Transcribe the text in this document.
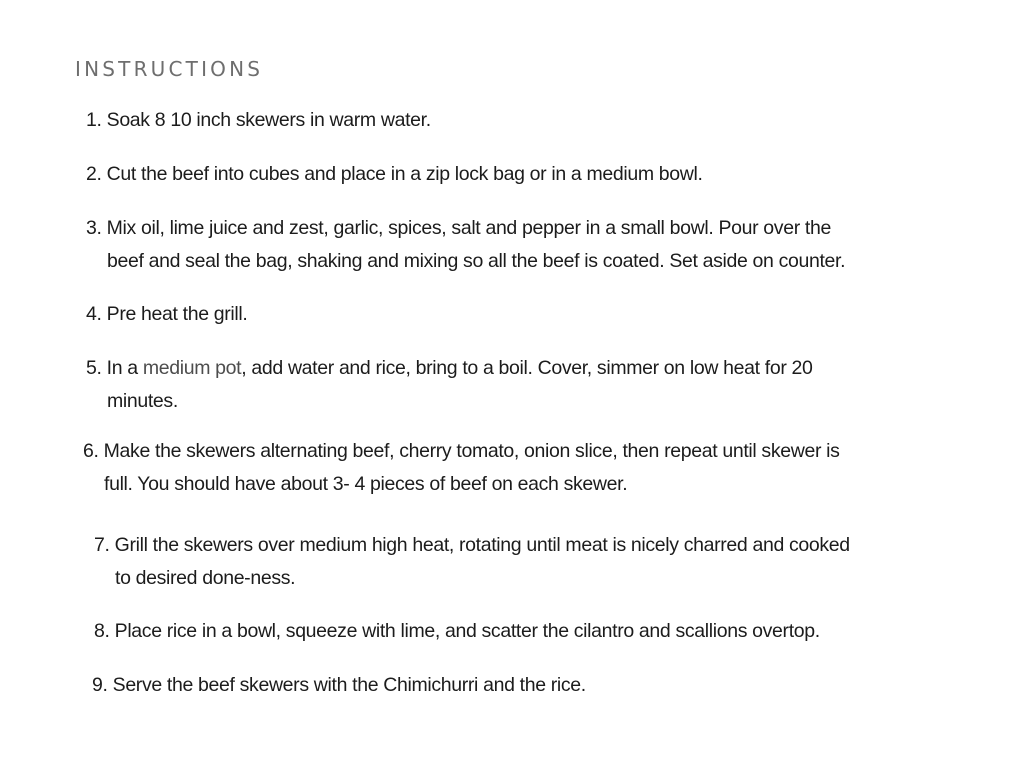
INSTRUCTIONS
1. Soak 8 10 inch skewers in warm water.
2. Cut the beef into cubes and place in a zip lock bag or in a medium bowl.
3. Mix oil, lime juice and zest, garlic, spices, salt and pepper in a small bowl. Pour over the
beef and seal the bag, shaking and mixing so all the beef is coated. Set aside on counter.
4. Pre heat the grill.
5. In a medium pot, add water and rice, bring to a boil. Cover, simmer on low heat for 20
minutes.
6. Make the skewers alternating beef, cherry tomato, onion slice, then repeat until skewer is
full. You should have about 3- 4 pieces of beef on each skewer.
7. Grill the skewers over medium high heat, rotating until meat is nicely charred and cooked
to desired done-ness.
8. Place rice in a bowl, squeeze with lime, and scatter the cilantro and scallions overtop.
9. Serve the beef skewers with the Chimichurri and the rice.
